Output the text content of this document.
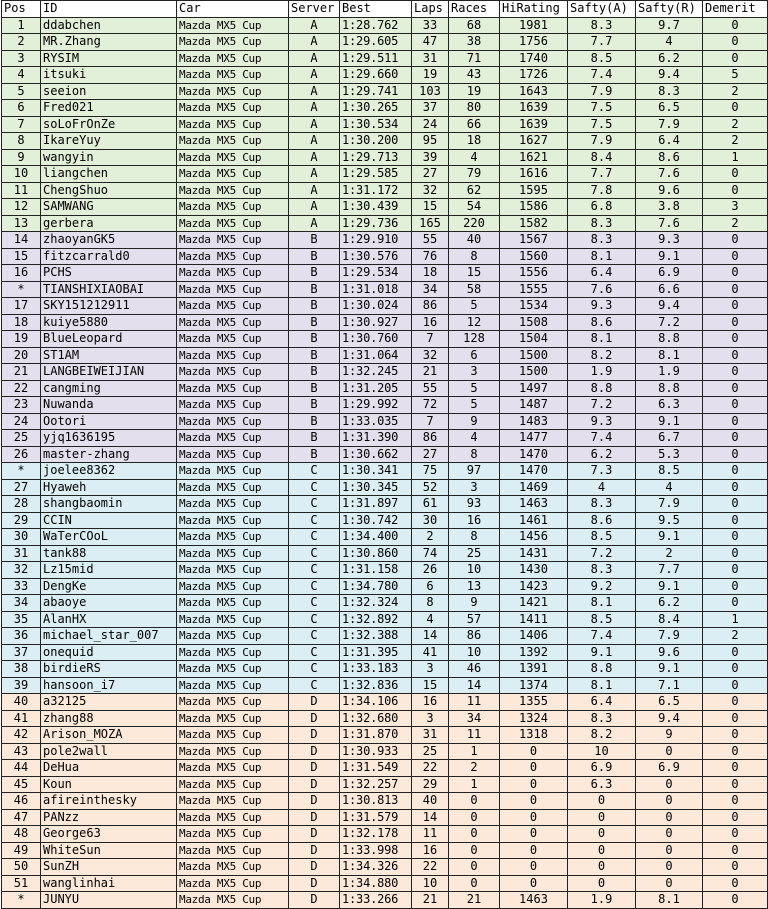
Pos	ID	Car	Server	Best	Laps	Races	HiRating	Safty(A)	Safty(R)	Demerit
1	ddabchen	Mazda MX5 Cup	A	1:28.762	33	68	1981	8.3	9.7	0
2	MR.Zhang	Mazda MX5 Cup	A	1:29.605	47	38	1756	7.7	4	0
3	RYSIM	Mazda MX5 Cup	A	1:29.511	31	71	1740	8.5	6.2	0
4	itsuki	Mazda MX5 Cup	A	1:29.660	19	43	1726	7.4	9.4	5
5	seeion	Mazda MX5 Cup	A	1:29.741	103	19	1643	7.9	8.3	2
6	Fred021	Mazda MX5 Cup	A	1:30.265	37	80	1639	7.5	6.5	0
7	soLoFrOnZe	Mazda MX5 Cup	A	1:30.534	24	66	1639	7.5	7.9	2
8	IkareYuy	Mazda MX5 Cup	A	1:30.200	95	18	1627	7.9	6.4	2
9	wangyin	Mazda MX5 Cup	A	1:29.713	39	4	1621	8.4	8.6	1
10	liangchen	Mazda MX5 Cup	A	1:29.585	27	79	1616	7.7	7.6	0
11	ChengShuo	Mazda MX5 Cup	A	1:31.172	32	62	1595	7.8	9.6	0
12	SAMWANG	Mazda MX5 Cup	A	1:30.439	15	54	1586	6.8	3.8	3
13	gerbera	Mazda MX5 Cup	A	1:29.736	165	220	1582	8.3	7.6	2
14	zhaoyanGK5	Mazda MX5 Cup	B	1:29.910	55	40	1567	8.3	9.3	0
15	fitzcarrald0	Mazda MX5 Cup	B	1:30.576	76	8	1560	8.1	9.1	0
16	PCHS	Mazda MX5 Cup	B	1:29.534	18	15	1556	6.4	6.9	0
*	TIANSHIXIAOBAI	Mazda MX5 Cup	B	1:31.018	34	58	1555	7.6	6.6	0
17	SKY151212911	Mazda MX5 Cup	B	1:30.024	86	5	1534	9.3	9.4	0
18	kuiye5880	Mazda MX5 Cup	B	1:30.927	16	12	1508	8.6	7.2	0
19	BlueLeopard	Mazda MX5 Cup	B	1:30.760	7	128	1504	8.1	8.8	0
20	ST1AM	Mazda MX5 Cup	B	1:31.064	32	6	1500	8.2	8.1	0
21	LANGBEIWEIJIAN	Mazda MX5 Cup	B	1:32.245	21	3	1500	1.9	1.9	0
22	cangming	Mazda MX5 Cup	B	1:31.205	55	5	1497	8.8	8.8	0
23	Nuwanda	Mazda MX5 Cup	B	1:29.992	72	5	1487	7.2	6.3	0
24	Ootori	Mazda MX5 Cup	B	1:33.035	7	9	1483	9.3	9.1	0
25	yjq1636195	Mazda MX5 Cup	B	1:31.390	86	4	1477	7.4	6.7	0
26	master-zhang	Mazda MX5 Cup	B	1:30.662	27	8	1470	6.2	5.3	0
*	joelee8362	Mazda MX5 Cup	C	1:30.341	75	97	1470	7.3	8.5	0
27	Hyaweh	Mazda MX5 Cup	C	1:30.345	52	3	1469	4	4	0
28	shangbaomin	Mazda MX5 Cup	C	1:31.897	61	93	1463	8.3	7.9	0
29	CCIN	Mazda MX5 Cup	C	1:30.742	30	16	1461	8.6	9.5	0
30	WaTerCOoL	Mazda MX5 Cup	C	1:34.400	2	8	1456	8.5	9.1	0
31	tank88	Mazda MX5 Cup	C	1:30.860	74	25	1431	7.2	2	0
32	Lz15mid	Mazda MX5 Cup	C	1:31.158	26	10	1430	8.3	7.7	0
33	DengKe	Mazda MX5 Cup	C	1:34.780	6	13	1423	9.2	9.1	0
34	abaoye	Mazda MX5 Cup	C	1:32.324	8	9	1421	8.1	6.2	0
35	AlanHX	Mazda MX5 Cup	C	1:32.892	4	57	1411	8.5	8.4	1
36	michael_star_007	Mazda MX5 Cup	C	1:32.388	14	86	1406	7.4	7.9	2
37	onequid	Mazda MX5 Cup	C	1:31.395	41	10	1392	9.1	9.6	0
38	birdieRS	Mazda MX5 Cup	C	1:33.183	3	46	1391	8.8	9.1	0
39	hansoon_i7	Mazda MX5 Cup	C	1:32.836	15	14	1374	8.1	7.1	0
40	a32125	Mazda MX5 Cup	D	1:34.106	16	11	1355	6.4	6.5	0
41	zhang88	Mazda MX5 Cup	D	1:32.680	3	34	1324	8.3	9.4	0
42	Arison_MOZA	Mazda MX5 Cup	D	1:31.870	31	11	1318	8.2	9	0
43	pole2wall	Mazda MX5 Cup	D	1:30.933	25	1	0	10	0	0
44	DeHua	Mazda MX5 Cup	D	1:31.549	22	2	0	6.9	6.9	0
45	Koun	Mazda MX5 Cup	D	1:32.257	29	1	0	6.3	0	0
46	afireinthesky	Mazda MX5 Cup	D	1:30.813	40	0	0	0	0	0
47	PANzz	Mazda MX5 Cup	D	1:31.579	14	0	0	0	0	0
48	George63	Mazda MX5 Cup	D	1:32.178	11	0	0	0	0	0
49	WhiteSun	Mazda MX5 Cup	D	1:33.998	16	0	0	0	0	0
50	SunZH	Mazda MX5 Cup	D	1:34.326	22	0	0	0	0	0
51	wanglinhai	Mazda MX5 Cup	D	1:34.880	10	0	0	0	0	0
*	JUNYU	Mazda MX5 Cup	D	1:33.266	21	21	1463	1.9	8.1	0
